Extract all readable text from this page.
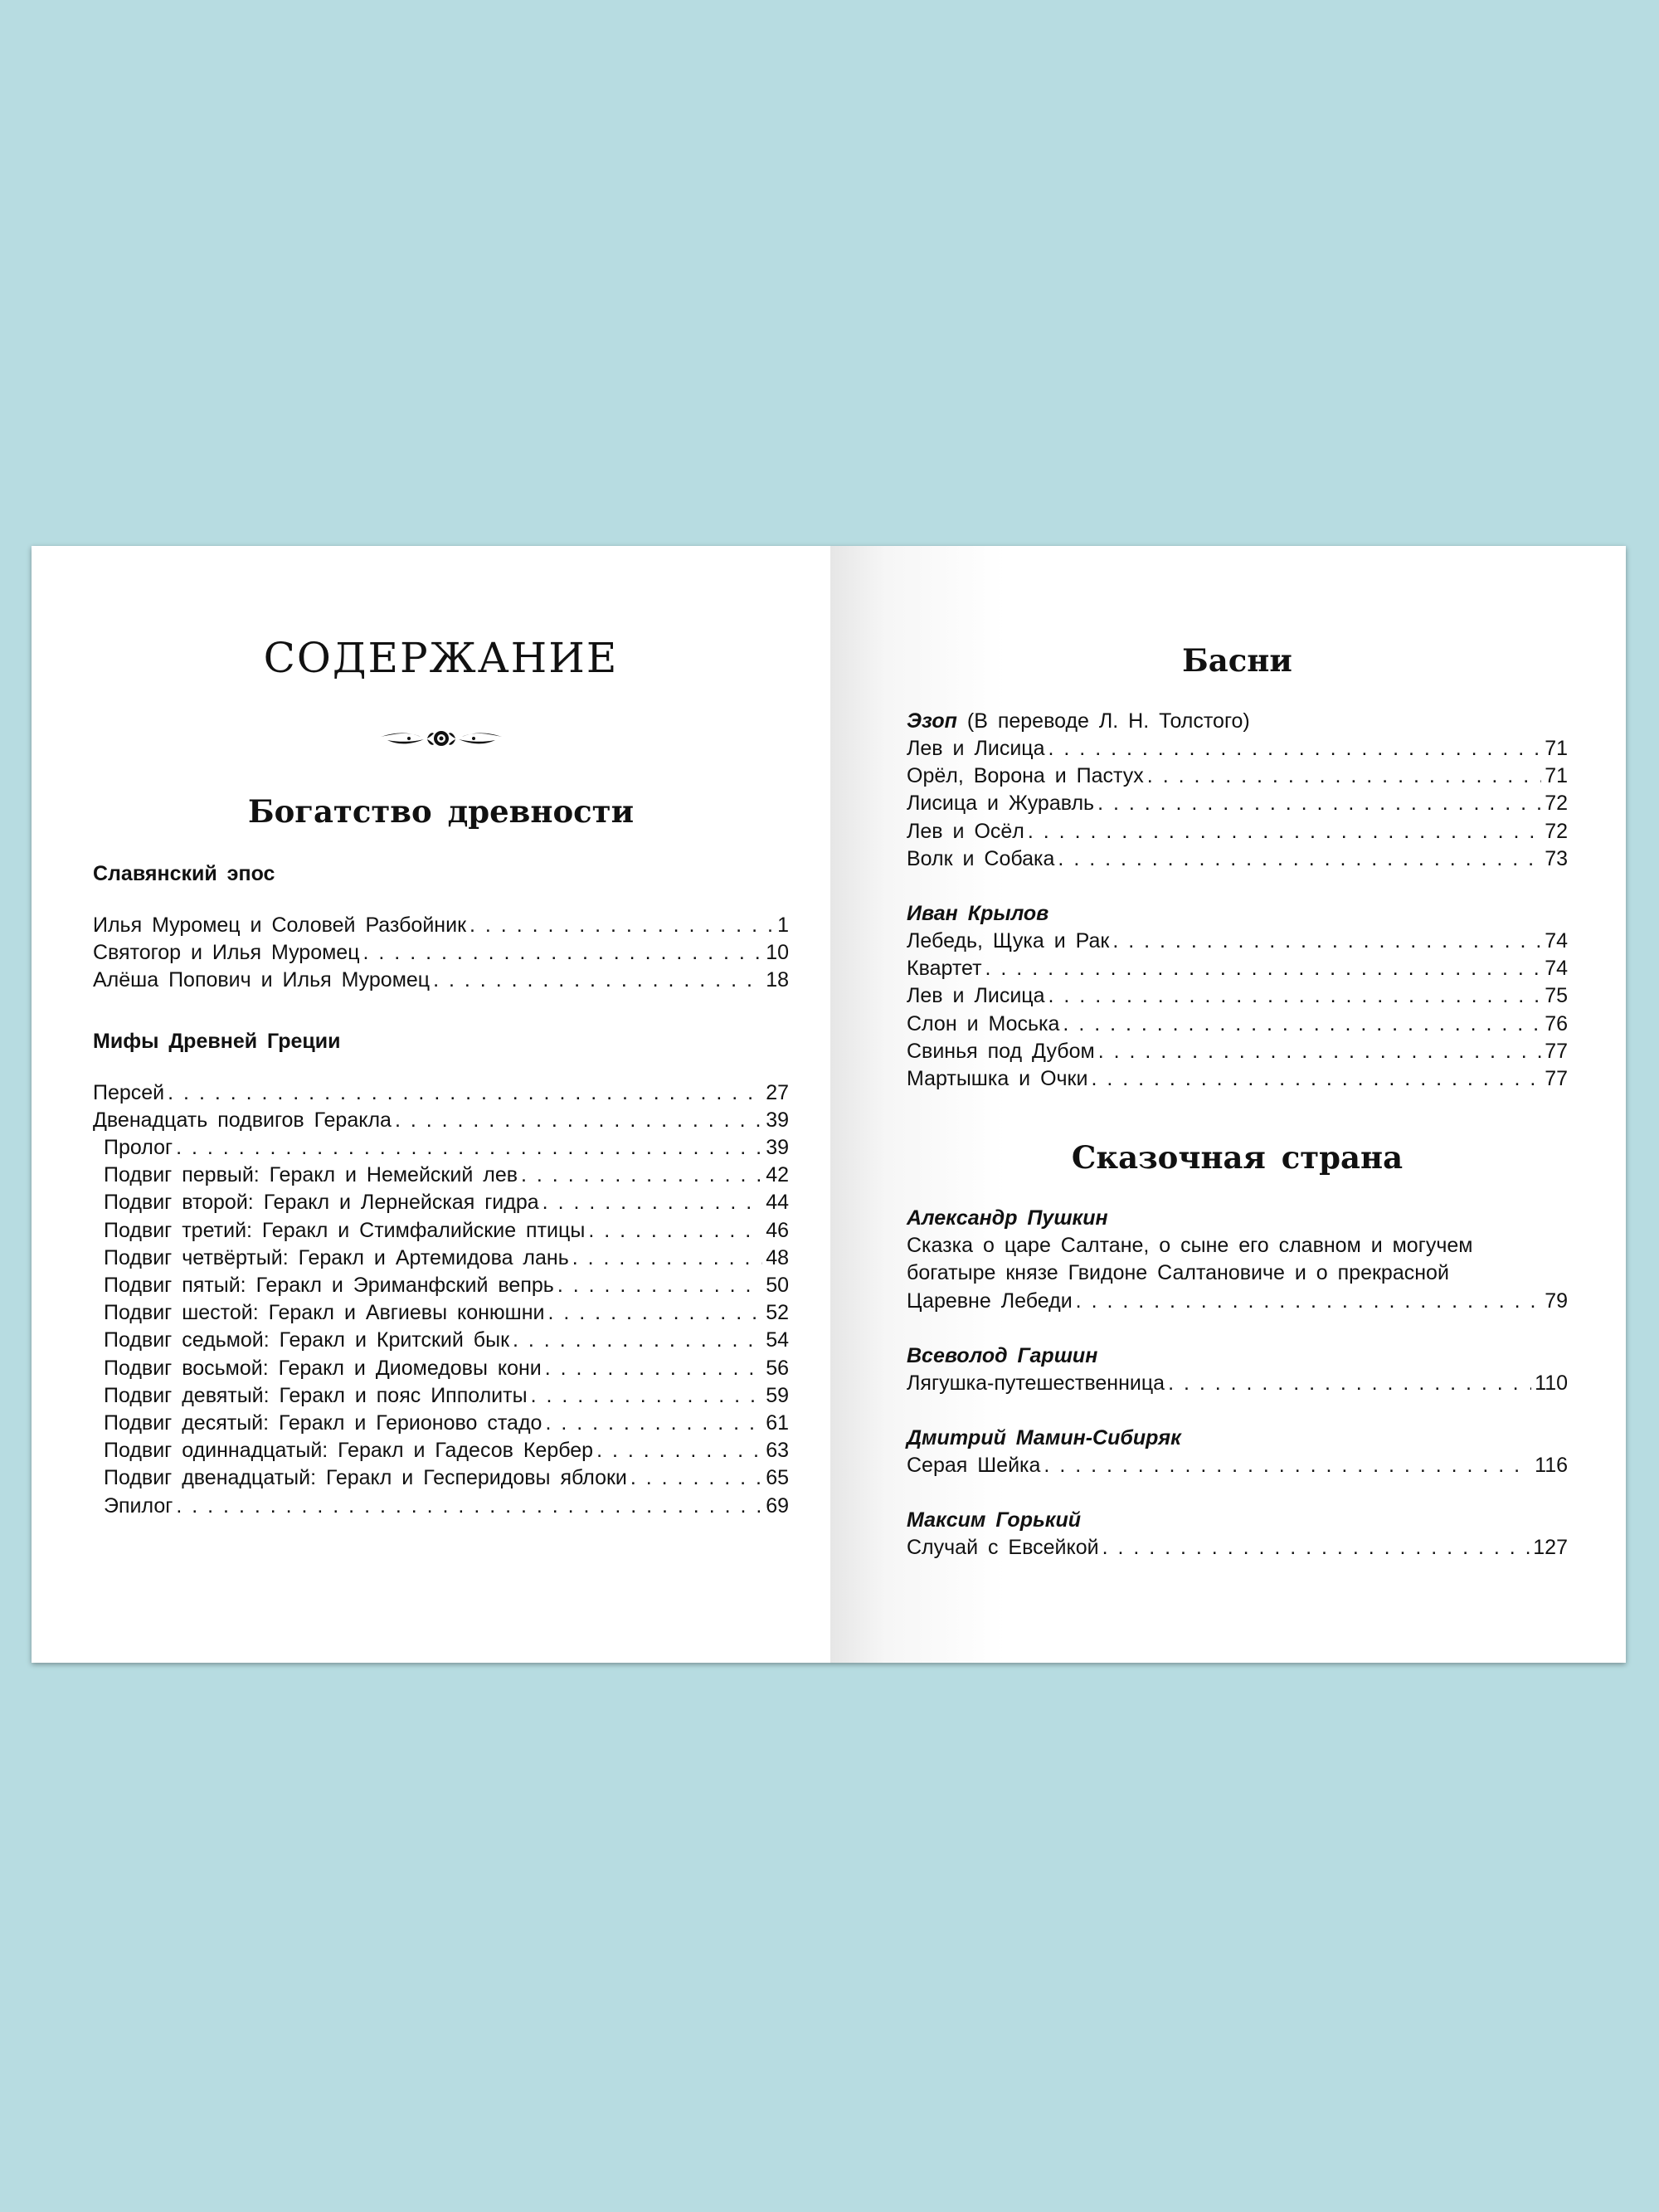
СОДЕРЖАНИЕ
Богатство древности
Славянский эпос
Илья Муромец и Соловей Разбойник . . .	1
Святогор и Илья Муромец . . .	10
Алёша Попович и Илья Муромец . . .	18
Мифы Древней Греции
Персей . . .	27
Двенадцать подвигов Геракла . . .	39
Пролог . . .	39
Подвиг первый: Геракл и Немейский лев . . .	42
Подвиг второй: Геракл и Лернейская гидра . . .	44
Подвиг третий: Геракл и Стимфалийские птицы . . .	46
Подвиг четвёртый: Геракл и Артемидова лань . . .	48
Подвиг пятый: Геракл и Эриманфский вепрь . . .	50
Подвиг шестой: Геракл и Авгиевы конюшни . . .	52
Подвиг седьмой: Геракл и Критский бык . . .	54
Подвиг восьмой: Геракл и Диомедовы кони . . .	56
Подвиг девятый: Геракл и пояс Ипполиты . . .	59
Подвиг десятый: Геракл и Герионово стадо . . .	61
Подвиг одиннадцатый: Геракл и Гадесов Кербер . . .	63
Подвиг двенадцатый: Геракл и Гесперидовы яблоки . . .	65
Эпилог . . .	69
Басни
Эзоп (В переводе Л. Н. Толстого)
Лев и Лисица . . .	71
Орёл, Ворона и Пастух . . .	71
Лисица и Журавль . . .	72
Лев и Осёл . . .	72
Волк и Собака . . .	73
Иван Крылов
Лебедь, Щука и Рак . . .	74
Квартет . . .	74
Лев и Лисица . . .	75
Слон и Моська . . .	76
Свинья под Дубом . . .	77
Мартышка и Очки . . .	77
Сказочная страна
Александр Пушкин
Сказка о царе Салтане, о сыне его славном и могучем
богатыре князе Гвидоне Салтановиче и о прекрасной
Царевне Лебеди . . .	79
Всеволод Гаршин
Лягушка-путешественница . . .	110
Дмитрий Мамин-Сибиряк
Серая Шейка . . .	116
Максим Горький
Случай с Евсейкой . . .	127
